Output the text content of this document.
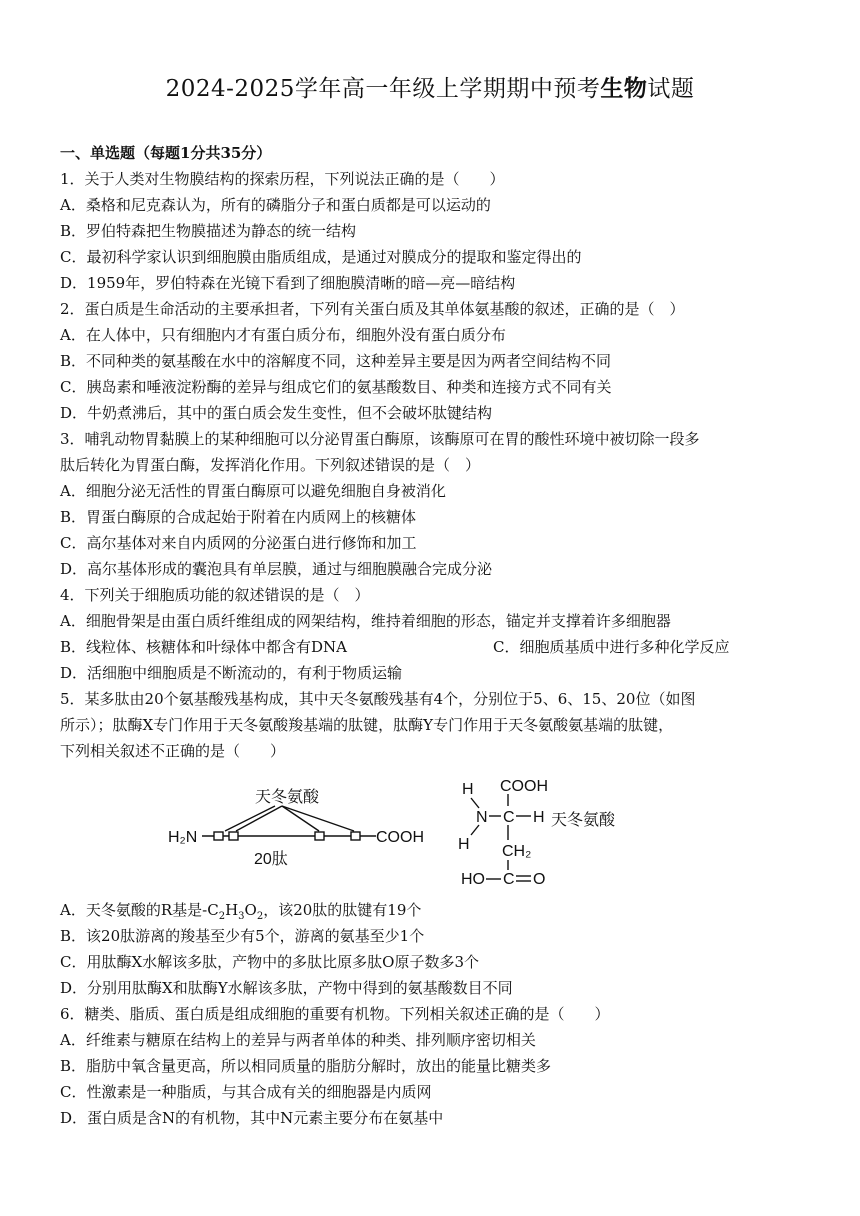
2024-2025学年高一年级上学期期中预考生物试题
一、单选题（每题1分共35分）
1．关于人类对生物膜结构的探索历程，下列说法正确的是（　　）
A．桑格和尼克森认为，所有的磷脂分子和蛋白质都是可以运动的
B．罗伯特森把生物膜描述为静态的统一结构
C．最初科学家认识到细胞膜由脂质组成，是通过对膜成分的提取和鉴定得出的
D．1959年，罗伯特森在光镜下看到了细胞膜清晰的暗—亮—暗结构
2．蛋白质是生命活动的主要承担者，下列有关蛋白质及其单体氨基酸的叙述，正确的是（　）
A．在人体中，只有细胞内才有蛋白质分布，细胞外没有蛋白质分布
B．不同种类的氨基酸在水中的溶解度不同，这种差异主要是因为两者空间结构不同
C．胰岛素和唾液淀粉酶的差异与组成它们的氨基酸数目、种类和连接方式不同有关
D．牛奶煮沸后，其中的蛋白质会发生变性，但不会破坏肽键结构
3．哺乳动物胃黏膜上的某种细胞可以分泌胃蛋白酶原，该酶原可在胃的酸性环境中被切除一段多
肽后转化为胃蛋白酶，发挥消化作用。下列叙述错误的是（　）
A．细胞分泌无活性的胃蛋白酶原可以避免细胞自身被消化
B．胃蛋白酶原的合成起始于附着在内质网上的核糖体
C．高尔基体对来自内质网的分泌蛋白进行修饰和加工
D．高尔基体形成的囊泡具有单层膜，通过与细胞膜融合完成分泌
4．下列关于细胞质功能的叙述错误的是（　）
A．细胞骨架是由蛋白质纤维组成的网架结构，维持着细胞的形态，锚定并支撑着许多细胞器
B．线粒体、核糖体和叶绿体中都含有DNA	C．细胞质基质中进行多种化学反应
D．活细胞中细胞质是不断流动的，有利于物质运输
5．某多肽由20个氨基酸残基构成，其中天冬氨酸残基有4个，分别位于5、6、15、20位（如图
所示）；肽酶X专门作用于天冬氨酸羧基端的肽键，肽酶Y专门作用于天冬氨酸氨基端的肽键，
下列相关叙述不正确的是（　　）
天冬氨酸
H₂N	COOH
20肽
H COOH
N C H 天冬氨酸
H CH₂
HO C O
A．天冬氨酸的R基是$-C_2H_3O_2$，该20肽的肽键有19个
B．该20肽游离的羧基至少有5个，游离的氨基至少1个
C．用肽酶X水解该多肽，产物中的多肽比原多肽O原子数多3个
D．分别用肽酶X和肽酶Y水解该多肽，产物中得到的氨基酸数目不同
6．糖类、脂质、蛋白质是组成细胞的重要有机物。下列相关叙述正确的是（　　）
A．纤维素与糖原在结构上的差异与两者单体的种类、排列顺序密切相关
B．脂肪中氧含量更高，所以相同质量的脂肪分解时，放出的能量比糖类多
C．性激素是一种脂质，与其合成有关的细胞器是内质网
D．蛋白质是含N的有机物，其中N元素主要分布在氨基中
